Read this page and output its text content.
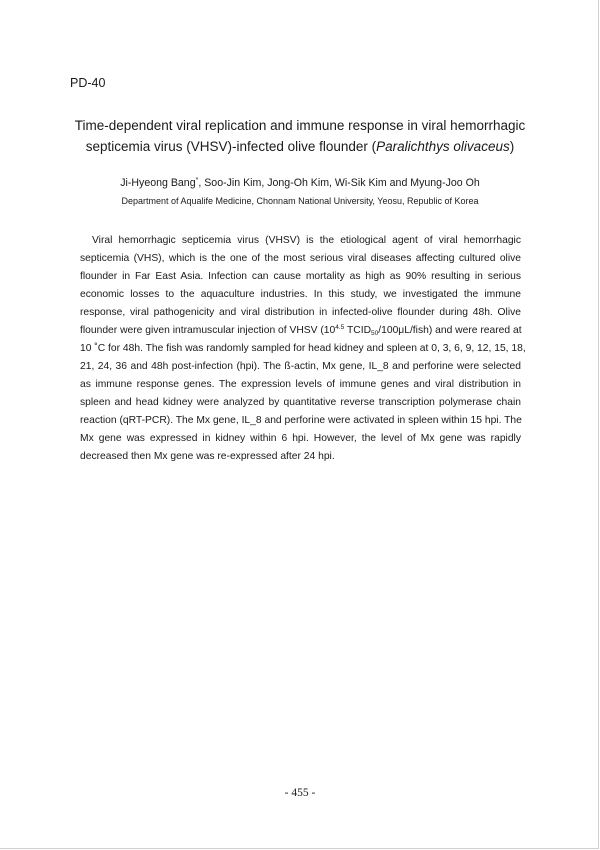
PD-40
Time-dependent viral replication and immune response in viral hemorrhagic
septicemia virus (VHSV)-infected olive flounder (Paralichthys olivaceus)
Ji-Hyeong Bang*, Soo-Jin Kim, Jong-Oh Kim, Wi-Sik Kim and Myung-Joo Oh
Department of Aqualife Medicine, Chonnam National University, Yeosu, Republic of Korea
Viral hemorrhagic septicemia virus (VHSV) is the etiological agent of viral hemorrhagic
septicemia (VHS), which is the one of the most serious viral diseases affecting cultured olive
flounder in Far East Asia. Infection can cause mortality as high as 90% resulting in serious
economic losses to the aquaculture industries. In this study, we investigated the immune
response, viral pathogenicity and viral distribution in infected-olive flounder during 48h. Olive
flounder were given intramuscular injection of VHSV ($10^{4.5}$ $TCID_{50}/100\mu L/fish$) and were reared at
10 ˚C for 48h. The fish was randomly sampled for head kidney and spleen at 0, 3, 6, 9, 12, 15, 18,
21, 24, 36 and 48h post-infection (hpi). The ß-actin, Mx gene, IL_8 and perforine were selected
as immune response genes. The expression levels of immune genes and viral distribution in
spleen and head kidney were analyzed by quantitative reverse transcription polymerase chain
reaction (qRT-PCR). The Mx gene, IL_8 and perforine were activated in spleen within 15 hpi. The
Mx gene was expressed in kidney within 6 hpi. However, the level of Mx gene was rapidly
decreased then Mx gene was re-expressed after 24 hpi.
- 455 -
